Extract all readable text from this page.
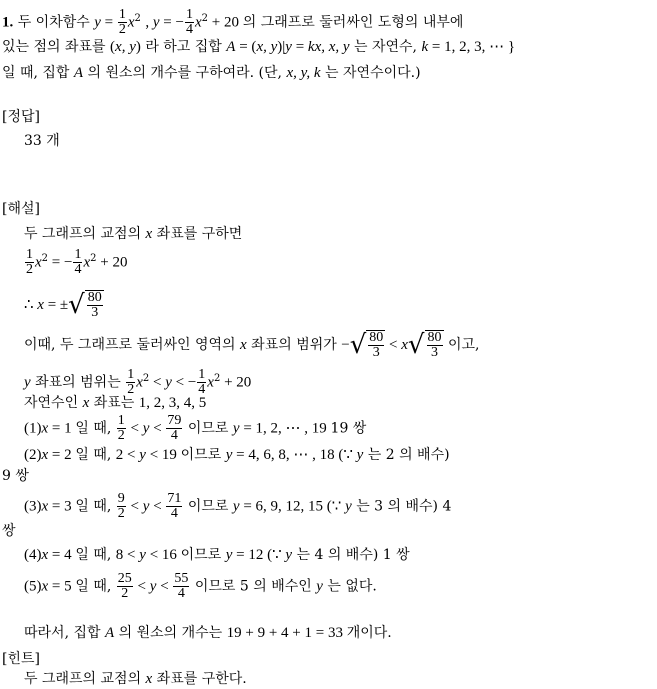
1. 두 이차함수 $y = \frac{1}{2} x^2$ , y = − $\frac{1}{4} x^2 + 20$ 의 그래프로 둘러싸인 도형의 내부에
있는 점의 좌표를 (x, y) 라 하고 집합 A = (x, y)|y = kx, x, y 는 자연수, k = 1, 2, 3, ⋯ }
일 때, 집합 A 의 원소의 개수를 구하여라. (단, x, y, k 는 자연수이다.)
[정답]
33 개
[해설]
두 그래프의 교점의 x 좌표를 구하면
$\frac{1}{2} x^2$ = − $\frac{1}{4} x^2 + 20$
∴ x = ± √ $\frac{80}{3}$
이때, 두 그래프로 둘러싸인 영역의 x 좌표의 범위가 − √ $\frac{80}{3} < x$ √ $\frac{80}{3}$ 이고,
y 좌표의 범위는 $\frac{1}{2} x^2 < y$ < − $\frac{1}{4} x^2 + 20$
자연수인 x 좌표는 1, 2, 3, 4, 5
(1)x = 1 일 때, $\frac{1}{2} < y < \frac{79}{4}$ 이므로 y = 1, 2, ⋯ , 19 19 쌍
(2)x = 2 일 때, 2 < y < 19 이므로 y = 4, 6, 8, ⋯ , 18 (∵ y 는 2 의 배수)
9 쌍
(3)x = 3 일 때, $\frac{9}{2} < y < \frac{71}{4}$ 이므로 y = 6, 9, 12, 15 (∵ y 는 3 의 배수) 4
쌍
(4)x = 4 일 때, 8 < y < 16 이므로 y = 12 (∵ y 는 4 의 배수) 1 쌍
(5)x = 5 일 때, $\frac{25}{2} < y < \frac{55}{4}$ 이므로 5 의 배수인 y 는 없다.
따라서, 집합 A 의 원소의 개수는 19 + 9 + 4 + 1 = 33 개이다.
[힌트]
두 그래프의 교점의 x 좌표를 구한다.
